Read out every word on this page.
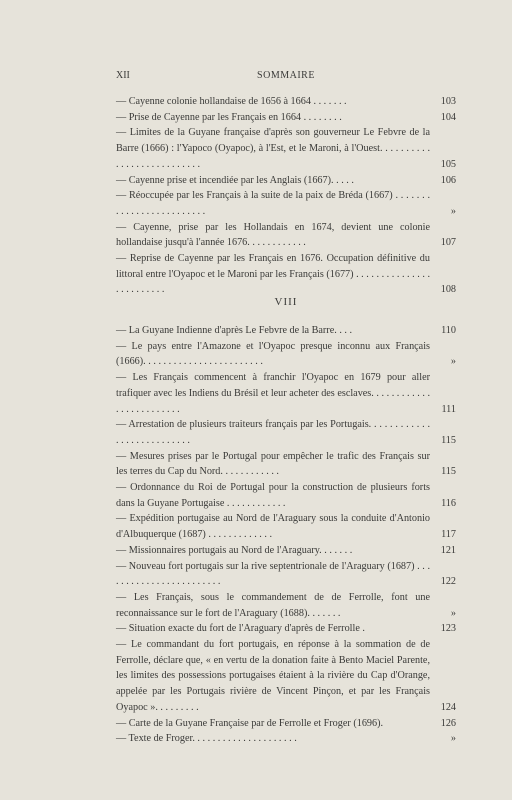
XII	SOMMAIRE
— Cayenne colonie hollandaise de 1656 à 1664 . . . . . . .	103
— Prise de Cayenne par les Français en 1664 . . . . . . . .	104
— Limites de la Guyane française d'après son gouverneur Le Febvre de la Barre (1666) : l'Yapoco (Oyapoc), à l'Est, et le Maroni, à l'Ouest. . . . . . . . . . . . . . . . . . . . . . . . . . .	105
— Cayenne prise et incendiée par les Anglais (1667). . . . .	106
— Réoccupée par les Français à la suite de la paix de Bréda (1667) . . . . . . . . . . . . . . . . . . . . . . . . .	»
— Cayenne, prise par les Hollandais en 1674, devient une colonie hollandaise jusqu'à l'année 1676. . . . . . . . . . . .	107
— Reprise de Cayenne par les Français en 1676. Occupation définitive du littoral entre l'Oyapoc et le Maroni par les Français (1677) . . . . . . . . . . . . . . . . . . . . . . . . .	108
VIII
— La Guyane Indienne d'après Le Febvre de la Barre. . . .	110
— Le pays entre l'Amazone et l'Oyapoc presque inconnu aux Français (1666). . . . . . . . . . . . . . . . . . . . . . . .	»
— Les Français commencent à franchir l'Oyapoc en 1679 pour aller trafiquer avec les Indiens du Brésil et leur acheter des esclaves. . . . . . . . . . . . . . . . . . . . . . . . .	111
— Arrestation de plusieurs traiteurs français par les Portugais. . . . . . . . . . . . . . . . . . . . . . . . . . .	115
— Mesures prises par le Portugal pour empêcher le trafic des Français sur les terres du Cap du Nord. . . . . . . . . . . .	115
— Ordonnance du Roi de Portugal pour la construction de plusieurs forts dans la Guyane Portugaise . . . . . . . . . . . .	116
— Expédition portugaise au Nord de l'Araguary sous la conduite d'Antonio d'Albuquerque (1687) . . . . . . . . . . . . .	117
— Missionnaires portugais au Nord de l'Araguary. . . . . . .	121
— Nouveau fort portugais sur la rive septentrionale de l'Araguary (1687) . . . . . . . . . . . . . . . . . . . . . . . .	122
— Les Français, sous le commandement de de Ferrolle, font une reconnaissance sur le fort de l'Araguary (1688). . . . . . .	»
— Situation exacte du fort de l'Araguary d'après de Ferrolle .	123
— Le commandant du fort portugais, en réponse à la sommation de de Ferrolle, déclare que, « en vertu de la donation faite à Bento Maciel Parente, les limites des possessions portugaises étaient à la rivière du Cap d'Orange, appelée par les Portugais rivière de Vincent Pinçon, et par les Français Oyapoc ». . . . . . . . .	124
— Carte de la Guyane Française par de Ferrolle et Froger (1696).	126
— Texte de Froger. . . . . . . . . . . . . . . . . . . . .	»
